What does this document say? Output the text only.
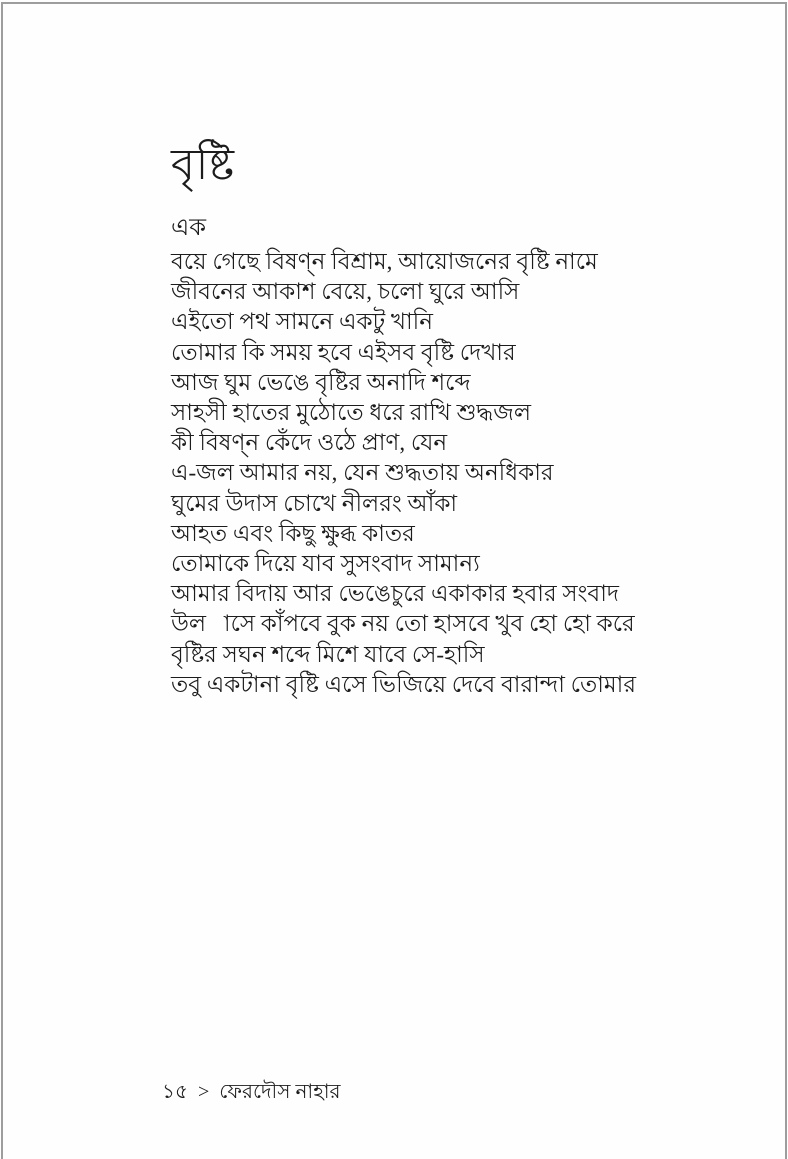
বৃষ্টি
এক
বয়ে গেছে বিষণ্ন বিশ্রাম, আয়োজনের বৃষ্টি নামে
জীবনের আকাশ বেয়ে, চলো ঘুরে আসি
এইতো পথ সামনে একটু খানি
তোমার কি সময় হবে এইসব বৃষ্টি দেখার
আজ ঘুম ভেঙে বৃষ্টির অনাদি শব্দে
সাহসী হাতের মুঠোতে ধরে রাখি শুদ্ধজল
কী বিষণ্ন কেঁদে ওঠে প্রাণ, যেন
এ-জল আমার নয়, যেন শুদ্ধতায় অনধিকার
ঘুমের উদাস চোখে নীলরং আঁকা
আহত এবং কিছু ক্ষুব্ধ কাতর
তোমাকে দিয়ে যাব সুসংবাদ সামান্য
আমার বিদায় আর ভেঙেচুরে একাকার হবার সংবাদ
উল   াসে কাঁপবে বুক নয় তো হাসবে খুব হো হো করে
বৃষ্টির সঘন শব্দে মিশে যাবে সে-হাসি
তবু একটানা বৃষ্টি এসে ভিজিয়ে দেবে বারান্দা তোমার
১৫ > ফেরদৌস নাহার
